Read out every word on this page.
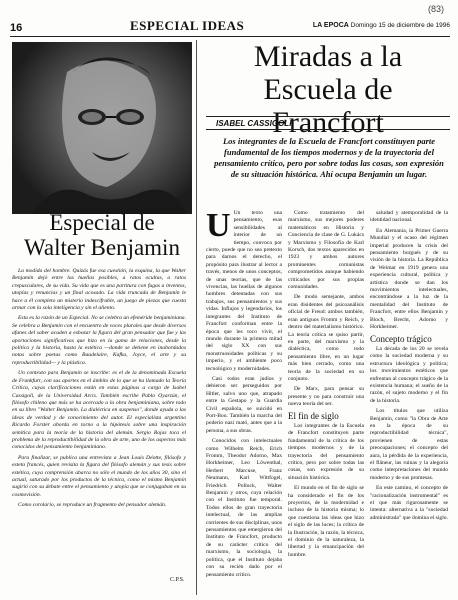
16	ESPECIAL IDEAS	LA EPOCA Domingo 15 de diciembre de 1996
(83)
Especial de
Walter Benjamin

La modida del hombre. Quizás fue esa cuestión, la esquina, la que Walter Benjamín dejó entre las huellas posibles, a ratos ocultas, a ratos crepusculares, de su vida. Su vida que es una partitura con fugas a inventos, utopías y renuncias y un final acosado. La vida truncada de Benjamín le hace a él completo un misterio indescifrable, un juego de piezas que cuesta armar con la sola inteligencia y sin el aliento.

Esta es la razón de un Especial. No se celebra un efeméride benjaminiana. Se celebra a Benjamín con el encuentro de voces plurales que desde diversos afanes del saber acuden a esbozar la figura del gran pensador que fue y las aportaciones significativas que hizo en la gama de relaciones, desde la política y la historia, hasta la estética —donde se detiene en inabordados notas sobre poetas como Baudelaire, Kafka, Joyce, el arte y su reproductibilidad— y la plástica.

Un contexto para Benjamín se inscribe: es el de la denominada Escuela de Frankfurt, con sus aportes en el ámbito de lo que se ha llamado la Teoría Crítica, cuyas clarificaciones están en estas páginas a cargo de Isabel Cassigoli, de la Universidad Arcis. También escribe Pablo Oyarzún, el filósofo chileno que más se ha acercado a la obra benjaminiana, sobre todo en su libro "Walter Benjamín. La dialéctica en suspenso", donde ayuda a las ideas de verdad y de conocimiento del autor. El especialista argentino Ricardo Forster aborda en torno a la hipótesis sobre una inspiración semítica para la teoría de la historia del alemán. Sergio Rojas toca el problema de la reproductibilidad de la obra de arte, uno de los aspectos más conocidos del pensamiento benjaminiano.

Para finalizar, se publica una entrevista a Jean Louis Déotte, filósofo y esteta francés, quien revisita la figura del filósofo alemán y sus tesis sobre estética, cuya comprensión abarca no sólo el mundo de los años 30, sino el actual, saturado por los productos de la técnica, como el mismo Benjamín sugirió con su debate entre el pensamiento y utopía que se conjugaban en su cosmovisión.

Como corolario, se reproduce un fragmento del pensador alemán.

C.P.S.
Miradas a la
Escuela de Francfort
ISABEL CASSIGOLI
Los integrantes de la Escuela de Francfort constituyen parte fundamental de los tiempos modernos y de la trayectoria del pensamiento crítico, pero por sobre todas las cosas, son expresión de su situación histórica. Ahí ocupa Benjamin un lugar.

U Un texto una pensamiento, esas sensibilidades al interior de un tiempo, convoca por cierto, puede que no sea pretexto para darnos el derecho, el propósito para ilustrar al lector a través, menos de unos conceptos, de unas teorías, que de las vivencias, las huellas de algunos hombres detentadas con sus trabajos, sus pensamientos y sus vidas. Influjos y legendarios, los integrantes del Instituto de Francfort conforman entre la época que les toco vivir, el mundo durante la primera mitad del siglo XX con sus monstruosidades políticas y su imperio, y el ambiente poco tecnológico y modernidades.

Casi todos eran judíos y debieron ser perseguidos por Hitler, salvo uno que, atrapado entre la Gestapo y la Guardia Civil española, se suicidó en Port-Bou. También la marcha del poderío nazi mató, antes que a la persona, a sus obras.

Conocidos con intelectuales como Wilhelm Reich, Erich Fromm, Theodor Adorno, Max Horkheimer, Leo Löwenthal, Herbert Marcuse, Franz Neumann, Karl Wittfogel, Friedrich Pollock, Walter Benjamin y otros, cuya relación con el Instituto fue temporal. Todos ellos de gran trayectoria intelectual, de las amplias corrientes de sus disciplinas, unos pensamientos que emergieron del Instituto de Francfort, producto de su carácter crítico del marxismo, la sociología, la política, que el Instituto dejaba con su recién dado por el pensamiento crítico.

Como tratamiento del marxismo, sus mejores poderes matemáticos en Historia y Conciencia de clase de G. Lukács y Marxismo y Filosofía de Karl Korsch, dos textos aparecidos en 1923 y ambos autores prominentes comunistas comprometidos aunque habiendo criticados por sus propias comunidades.

De modo semejante, ambos eran disidentes del psicoanálisis oficial de Freud: ambos también, eran antiguos Fromm y Reich, y dentro del materialismo histórico. La teoría crítica se quiso partir, en parte, del marxismo y la dialéctica, como todo pensamiento libre, en un lugar más bien cerrado, como una teoría de la sociedad en su conjunto.

De Marx, para pensar su presente y no para construir una nueva teoría del ser.

El fin de siglo

Los integrantes de la Escuela de Francfort constituyen parte fundamental de la crítica de los tiempos modernos y de la trayectoria del pensamiento crítico, pero por sobre todas las cosas, son expresión de su situación histórica.

El mundo en el fin de siglo se ha considerado el fin de los proyectos, de la modernidad e incluso de la historia misma; lo que cuestiona las ideas que hizo el siglo de las luces; la crítica de la Ilustración, la razón, la técnica, el dominio de la naturaleza, la libertad y la emancipación del hombre.

saludad y atemporalidad de la identidad nacional.

En Alemania, la Primer Guerra Mundial y el ocaso del régimen imperial producen la crisis del pensamiento burgués y de su visión de la historia. La República de Weimar en 1919 genera una experiencia cultural, política y artística donde se dan los movimientos intelectuales, encontrándose a la luz de la mentalidad del Instituto de Francfort, entre ellos Benjamin y Bloch, Brecht, Adorno y Horkheimer.

Concepto trágico

La década de los 20 se revela como la sociedad moderna y su estructura ideológica y política; los movimientos estéticos que enfrentan al concepto trágico de la existencia humana; el sueño de la razón, el sujeto moderno y el fin de la historia.

Los títulos que utiliza Benjamin, como "la Obra de Arte en la época de su reproductibilidad técnica", provienen de estas preocupaciones; el concepto del aura, la pérdida de la experiencia, el flâneur, las ruinas y la alegoría como interpretaciones del mundo moderno y de sus promesas.

En este camino, el concepto de "racionalización instrumental" es el que más rigurosamente se intenta: alternativa a la "sociedad administrada" que domina el siglo.
